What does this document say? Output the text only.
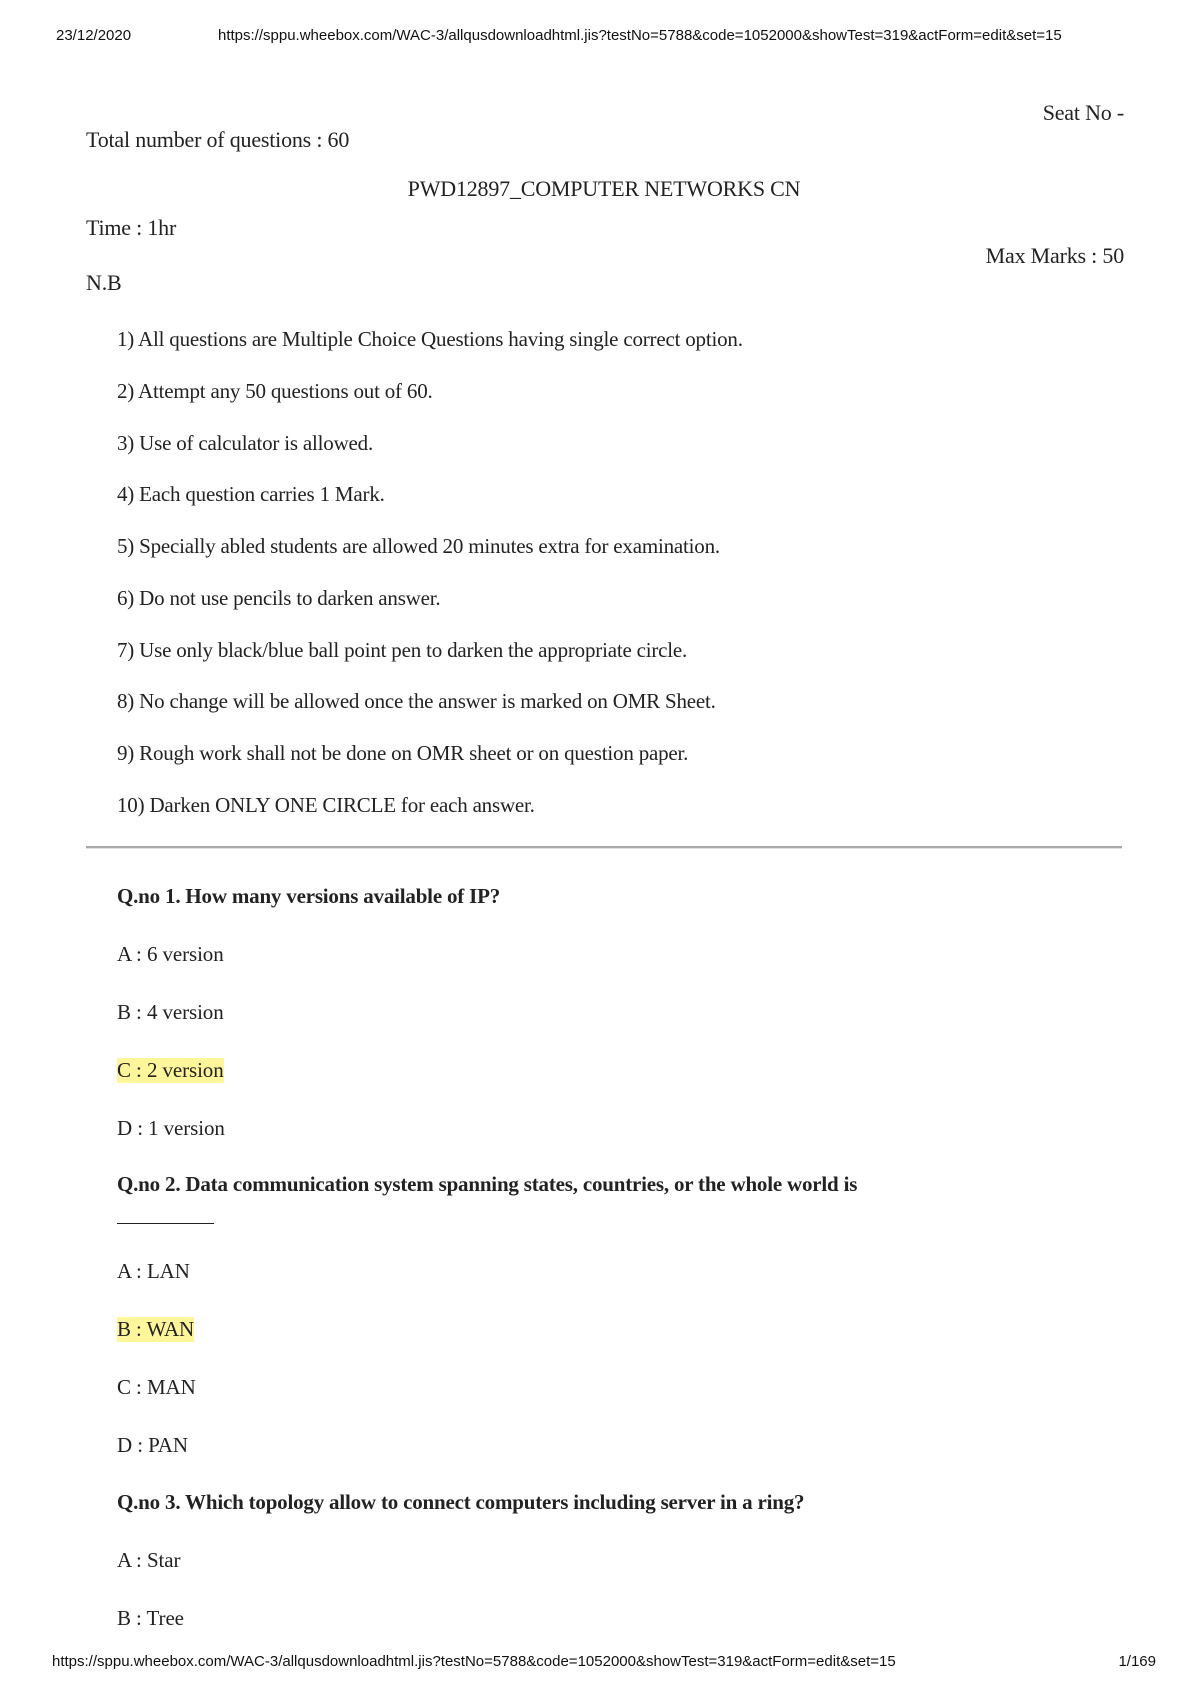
23/12/2020	https://sppu.wheebox.com/WAC-3/allqusdownloadhtml.jis?testNo=5788&code=1052000&showTest=319&actForm=edit&set=15
Seat No -
Total number of questions : 60
PWD12897_COMPUTER NETWORKS CN
Time : 1hr
Max Marks : 50
N.B
1) All questions are Multiple Choice Questions having single correct option.
2) Attempt any 50 questions out of 60.
3) Use of calculator is allowed.
4) Each question carries 1 Mark.
5) Specially abled students are allowed 20 minutes extra for examination.
6) Do not use pencils to darken answer.
7) Use only black/blue ball point pen to darken the appropriate circle.
8) No change will be allowed once the answer is marked on OMR Sheet.
9) Rough work shall not be done on OMR sheet or on question paper.
10) Darken ONLY ONE CIRCLE for each answer.
Q.no 1. How many versions available of IP?
A : 6 version
B : 4 version
C : 2 version
D : 1 version
Q.no 2. Data communication system spanning states, countries, or the whole world is
A : LAN
B : WAN
C : MAN
D : PAN
Q.no 3. Which topology allow to connect computers including server in a ring?
A : Star
B : Tree
https://sppu.wheebox.com/WAC-3/allqusdownloadhtml.jis?testNo=5788&code=1052000&showTest=319&actForm=edit&set=15	1/169
